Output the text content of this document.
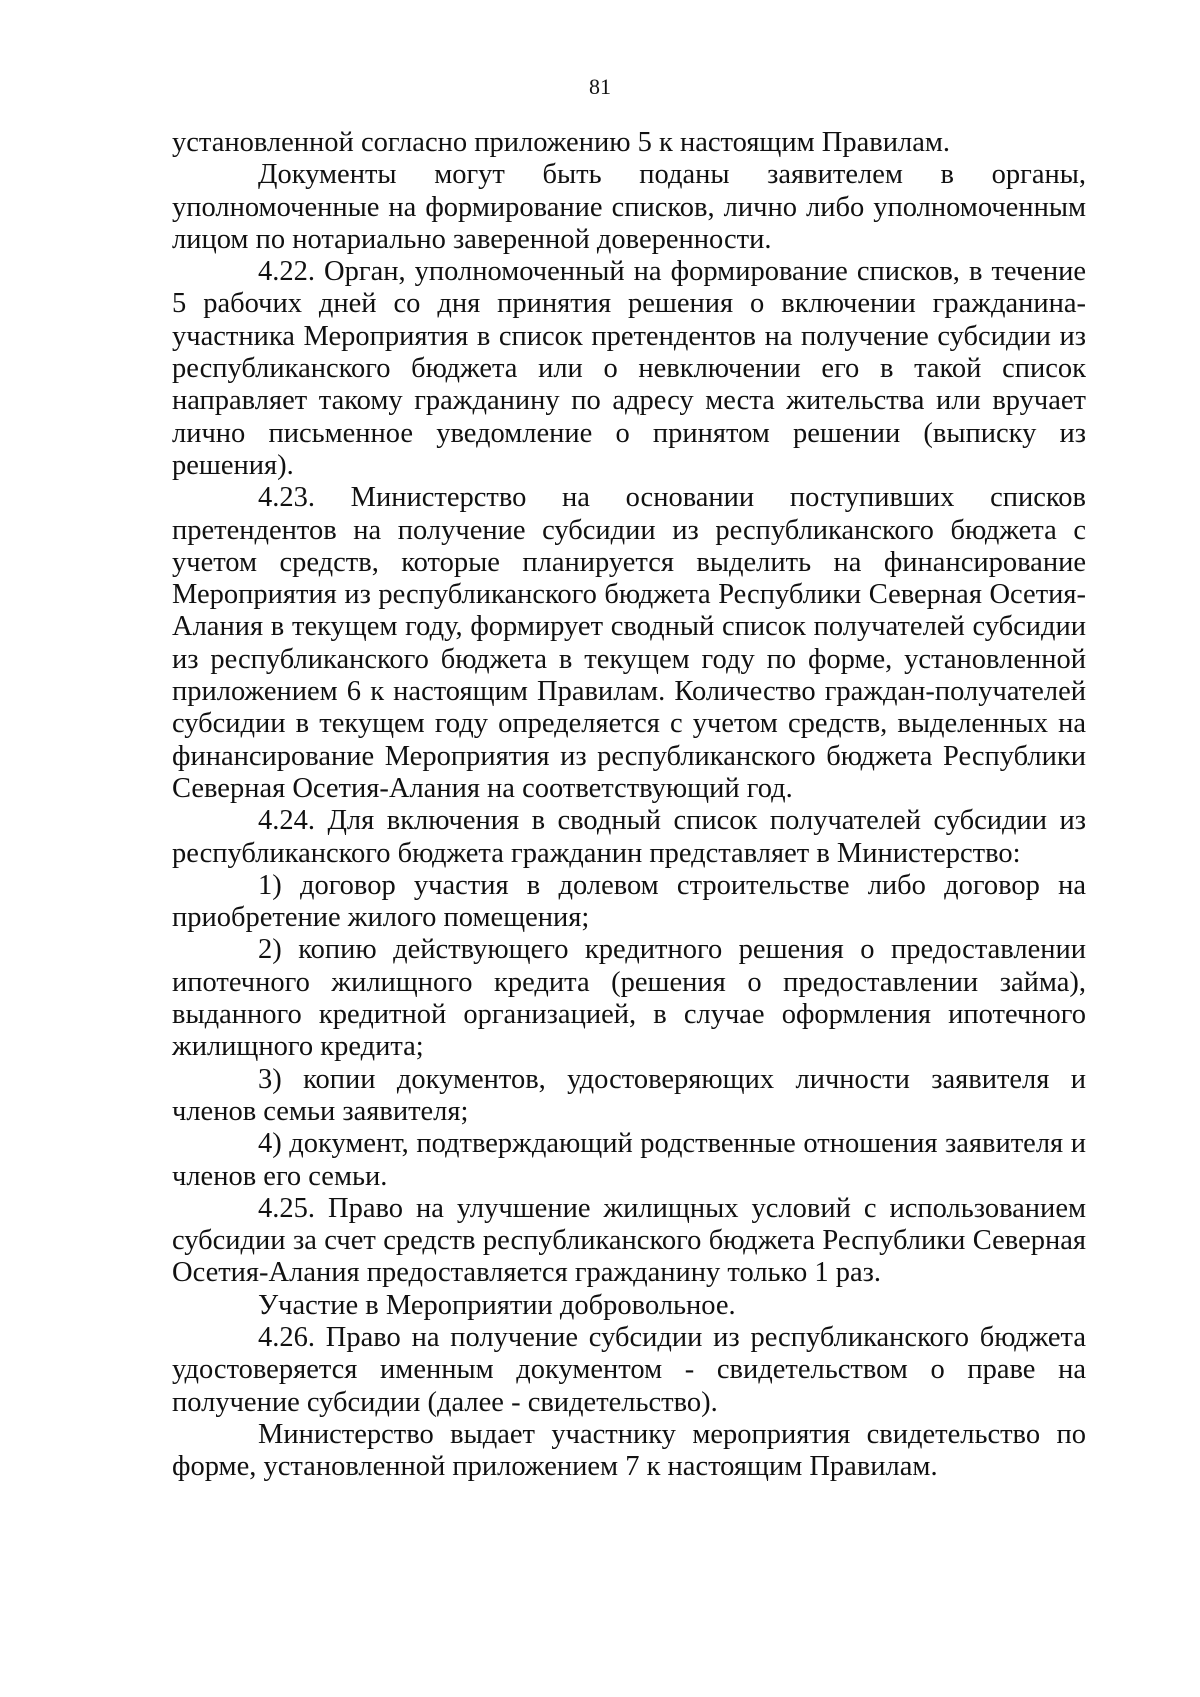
81

установленной согласно приложению 5 к настоящим Правилам.

Документы могут быть поданы заявителем в органы, уполномоченные на формирование списков, лично либо уполномоченным лицом по нотариально заверенной доверенности.

4.22. Орган, уполномоченный на формирование списков, в течение 5 рабочих дней со дня принятия решения о включении гражданина-участника Мероприятия в список претендентов на получение субсидии из республиканского бюджета или о невключении его в такой список направляет такому гражданину по адресу места жительства или вручает лично письменное уведомление о принятом решении (выписку из решения).

4.23. Министерство на основании поступивших списков претендентов на получение субсидии из республиканского бюджета с учетом средств, которые планируется выделить на финансирование Мероприятия из республиканского бюджета Республики Северная Осетия-Алания в текущем году, формирует сводный список получателей субсидии из республиканского бюджета в текущем году по форме, установленной приложением 6 к настоящим Правилам. Количество граждан-получателей субсидии в текущем году определяется с учетом средств, выделенных на финансирование Мероприятия из республиканского бюджета Республики Северная Осетия-Алания на соответствующий год.

4.24. Для включения в сводный список получателей субсидии из республиканского бюджета гражданин представляет в Министерство:

1) договор участия в долевом строительстве либо договор на приобретение жилого помещения;

2) копию действующего кредитного решения о предоставлении ипотечного жилищного кредита (решения о предоставлении займа), выданного кредитной организацией, в случае оформления ипотечного жилищного кредита;

3) копии документов, удостоверяющих личности заявителя и членов семьи заявителя;

4) документ, подтверждающий родственные отношения заявителя и членов его семьи.

4.25. Право на улучшение жилищных условий с использованием субсидии за счет средств республиканского бюджета Республики Северная Осетия-Алания предоставляется гражданину только 1 раз.

Участие в Мероприятии добровольное.

4.26. Право на получение субсидии из республиканского бюджета удостоверяется именным документом - свидетельством о праве на получение субсидии (далее - свидетельство).

Министерство выдает участнику мероприятия свидетельство по форме, установленной приложением 7 к настоящим Правилам.
